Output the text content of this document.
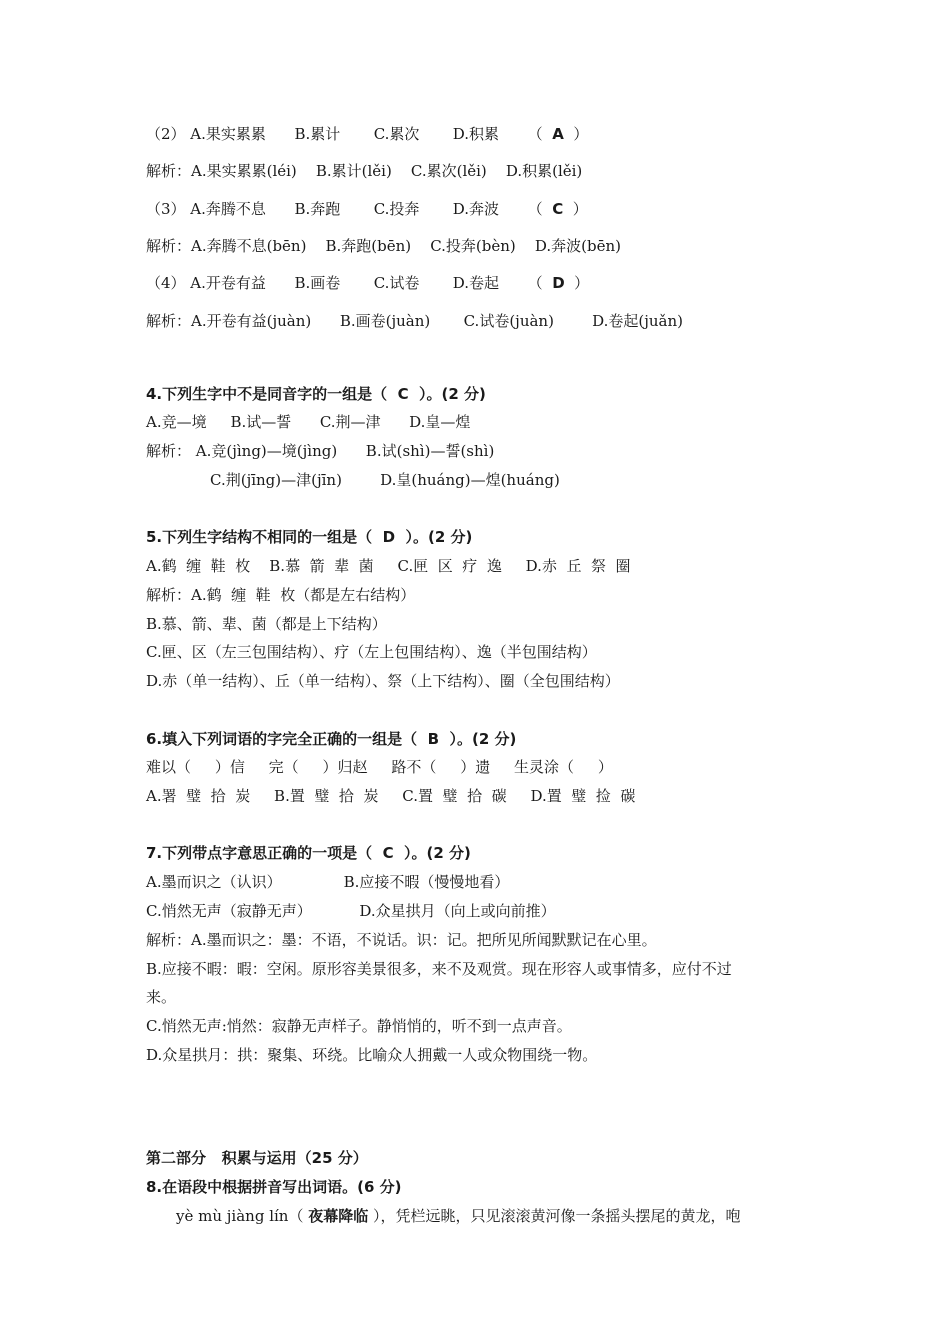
（2） A.果实累累      B.累计       C.累次       D.积累      （  A  ）
解析：A.果实累累(léi)    B.累计(lěi)    C.累次(lěi)    D.积累(lěi)
（3） A.奔腾不息      B.奔跑       C.投奔       D.奔波      （  C  ）
解析：A.奔腾不息(bēn)    B.奔跑(bēn)    C.投奔(bèn)    D.奔波(bēn)
（4） A.开卷有益      B.画卷       C.试卷       D.卷起      （  D  ）
解析：A.开卷有益(juàn)      B.画卷(juàn)       C.试卷(juàn)        D.卷起(juǎn)
4.下列生字中不是同音字的一组是（  C  ）。(2 分)
A.竞—境     B.试—誓      C.荆—津      D.皇—煌
解析： A.竞(jìng)—境(jìng)      B.试(shì)—誓(shì)
C.荆(jīng)—津(jīn)        D.皇(huáng)—煌(huáng)
5.下列生字结构不相同的一组是（  D  ）。(2 分)
A.鹤  缠  鞋  枚    B.慕  箭  辈  菌     C.匣  区  疗  逸     D.赤  丘  祭  圈
解析：A.鹤  缠  鞋  枚（都是左右结构）
B.慕、箭、辈、菌（都是上下结构）
C.匣、区（左三包围结构）、疗（左上包围结构）、逸（半包围结构）
D.赤（单一结构）、丘（单一结构）、祭（上下结构）、圈（全包围结构）
6.填入下列词语的字完全正确的一组是（  B  ）。(2 分)
难以（     ）信     完（     ）归赵     路不（     ）遗     生灵涂（     ）
A.署  璧  拾  炭     B.置  璧  拾  炭     C.置  璧  拾  碳     D.置  璧  捡  碳
7.下列带点字意思正确的一项是（  C  ）。(2 分)
A.墨而识之（认识）             B.应接不暇（慢慢地看）
C.悄然无声（寂静无声）          D.众星拱月（向上或向前推）
解析：A.墨而识之：墨：不语，不说话。识：记。把所见所闻默默记在心里。
B.应接不暇：暇：空闲。原形容美景很多，来不及观赏。现在形容人或事情多，应付不过
来。
C.悄然无声:悄然：寂静无声样子。静悄悄的，听不到一点声音。
D.众星拱月：拱：聚集、环绕。比喻众人拥戴一人或众物围绕一物。
第二部分   积累与运用（25 分）
8.在语段中根据拼音写出词语。(6 分)
yè mù jiàng lín（ 夜幕降临 ），凭栏远眺，只见滚滚黄河像一条摇头摆尾的黄龙，咆
